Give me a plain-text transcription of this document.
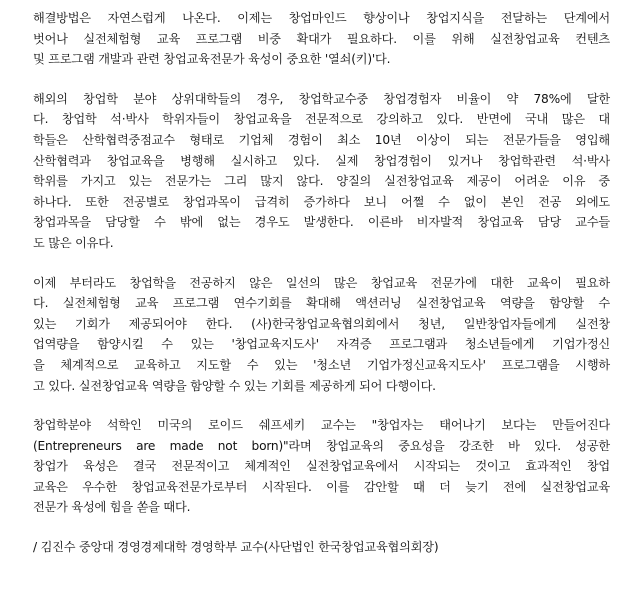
해결방법은 자연스럽게 나온다. 이제는 창업마인드 향상이나 창업지식을 전달하는 단계에서
벗어나 실전체험형 교육 프로그램 비중 확대가 필요하다. 이를 위해 실전창업교육 컨텐츠
및 프로그램 개발과 관련 창업교육전문가 육성이 중요한 '열쇠(키)'다.
해외의 창업학 분야 상위대학들의 경우, 창업학교수중 창업경험자 비율이 약 78%에 달한
다. 창업학 석·박사 학위자들이 창업교육을 전문적으로 강의하고 있다. 반면에 국내 많은 대
학들은 산학협력중점교수 형태로 기업체 경험이 최소 10년 이상이 되는 전문가들을 영입해
산학협력과 창업교육을 병행해 실시하고 있다. 실제 창업경험이 있거나 창업학관련 석·박사
학위를 가지고 있는 전문가는 그리 많지 않다. 양질의 실전창업교육 제공이 어려운 이유 중
하나다. 또한 전공별로 창업과목이 급격히 증가하다 보니 어쩔 수 없이 본인 전공 외에도
창업과목을 담당할 수 밖에 없는 경우도 발생한다. 이른바 비자발적 창업교육 담당 교수들
도 많은 이유다.
이제 부터라도 창업학을 전공하지 않은 일선의 많은 창업교육 전문가에 대한 교육이 필요하
다. 실전체험형 교육 프로그램 연수기회를 확대해 액션러닝 실전창업교육 역량을 함양할 수
있는 기회가 제공되어야 한다. (사)한국창업교육협의회에서 청년, 일반창업자들에게 실전창
업역량을 함양시킬 수 있는 '창업교육지도사' 자격증 프로그램과 청소년들에게 기업가정신
을 체계적으로 교육하고 지도할 수 있는 '청소년 기업가정신교육지도사' 프로그램을 시행하
고 있다. 실전창업교육 역량을 함양할 수 있는 기회를 제공하게 되어 다행이다.
창업학분야 석학인 미국의 로이드 쉐프세키 교수는 "창업자는 태어나기 보다는 만들어진다
(Entrepreneurs are made not born)"라며 창업교육의 중요성을 강조한 바 있다. 성공한
창업가 육성은 결국 전문적이고 체계적인 실전창업교육에서 시작되는 것이고 효과적인 창업
교육은 우수한 창업교육전문가로부터 시작된다. 이를 감안할 때 더 늦기 전에 실전창업교육
전문가 육성에 힘을 쏟을 때다.
/ 김진수 중앙대 경영경제대학 경영학부 교수(사단법인 한국창업교육협의회장)
